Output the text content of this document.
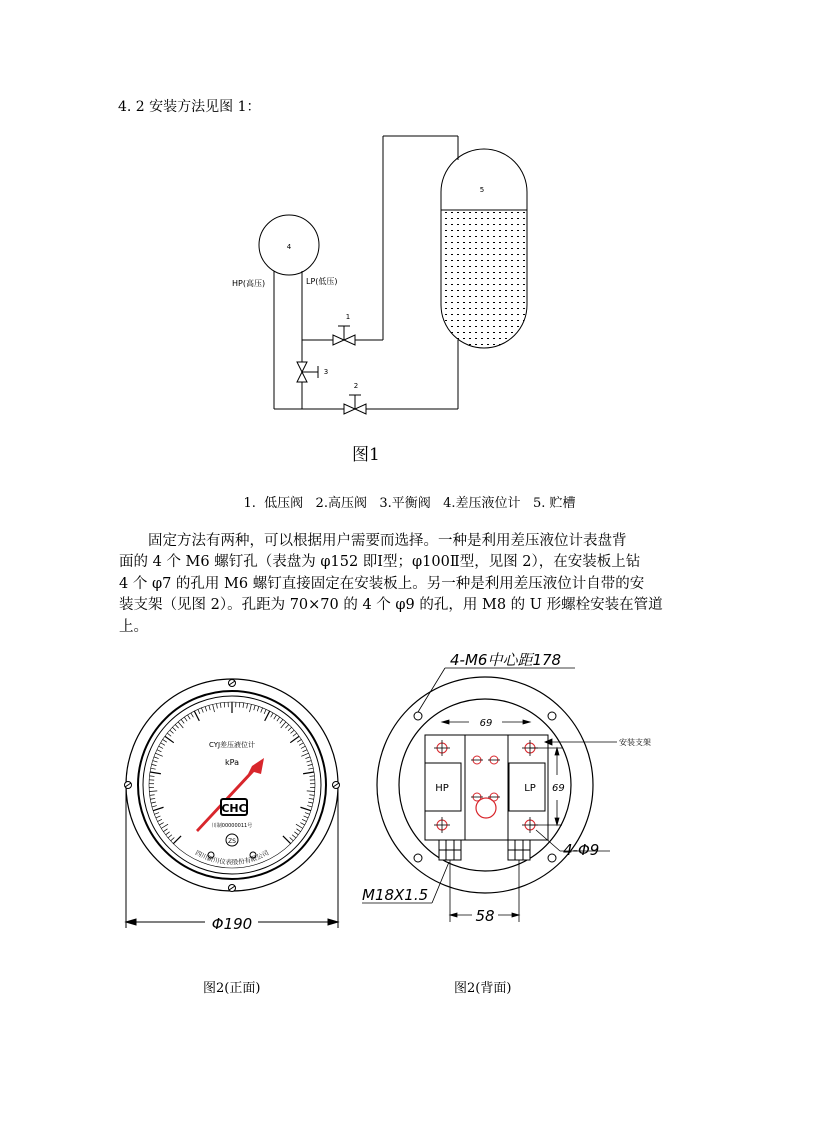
4. 2 安装方法见图 1：
5
4
1
2
3
HP(高压)	LP(低压)
图1
1.  低压阀   2.高压阀   3.平衡阀   4.差压液位计   5. 贮槽

固定方法有两种，可以根据用户需要而选择。一种是利用差压液位计表盘背

面的 4 个 M6 螺钉孔（表盘为 φ152 即Ⅰ型；φ100Ⅱ型，见图 2），在安装板上钻

4 个 φ7 的孔用 M6 螺钉直接固定在安装板上。另一种是利用差压液位计自带的安

装支架（见图 2）。孔距为 70×70 的 4 个 φ9 的孔，用 M8 的 U 形螺栓安装在管道

上。

CYJ差压液位计
kPa
CHC
川制00000011号
ZS
四川新川仪表股份有限公司
Φ190
HP	LP
4-M6中心距178
69
69
4-Φ9
M18X1.5
58
安装支架
图2(正面)	图2(背面)
